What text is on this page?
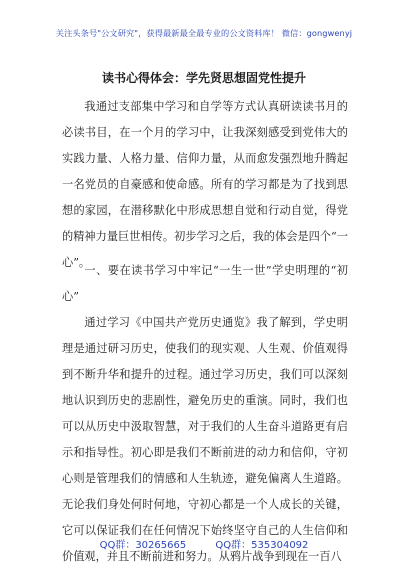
关注头条号"公文研究"，获得最新最全最专业的公文资料库！ 微信：gongwenyj
读书心得体会：学先贤思想固党性提升

我通过支部集中学习和自学等方式认真研读读书月的必读书目，在一个月的学习中，让我深刻感受到党伟大的实践力量、人格力量、信仰力量，从而愈发强烈地升腾起一名党员的自豪感和使命感。所有的学习都是为了找到思想的家园，在潜移默化中形成思想自觉和行动自觉，得党的精神力量巨世相传。初步学习之后，我的体会是四个“一心”。

一、要在读书学习中牢记“一生一世”学史明理的“初心”

通过学习《中国共产党历史通览》我了解到，学史明理是通过研习历史，使我们的现实观、人生观、价值观得到不断升华和提升的过程。通过学习历史，我们可以深刻地认识到历史的悲剧性，避免历史的重演。同时，我们也可以从历史中汲取智慧，对于我们的人生奋斗道路更有启示和指导性。初心即是我们不断前进的动力和信仰，守初心则是管理我们的情感和人生轨迹，避免偏离人生道路。无论我们身处何时何地，守初心都是一个人成长的关键，它可以保证我们在任何情况下始终坚守自己的人生信仰和价值观，并且不断前进和努力。从鸦片战争到现在一百八

QQ群：30265665	QQ群：535304092
